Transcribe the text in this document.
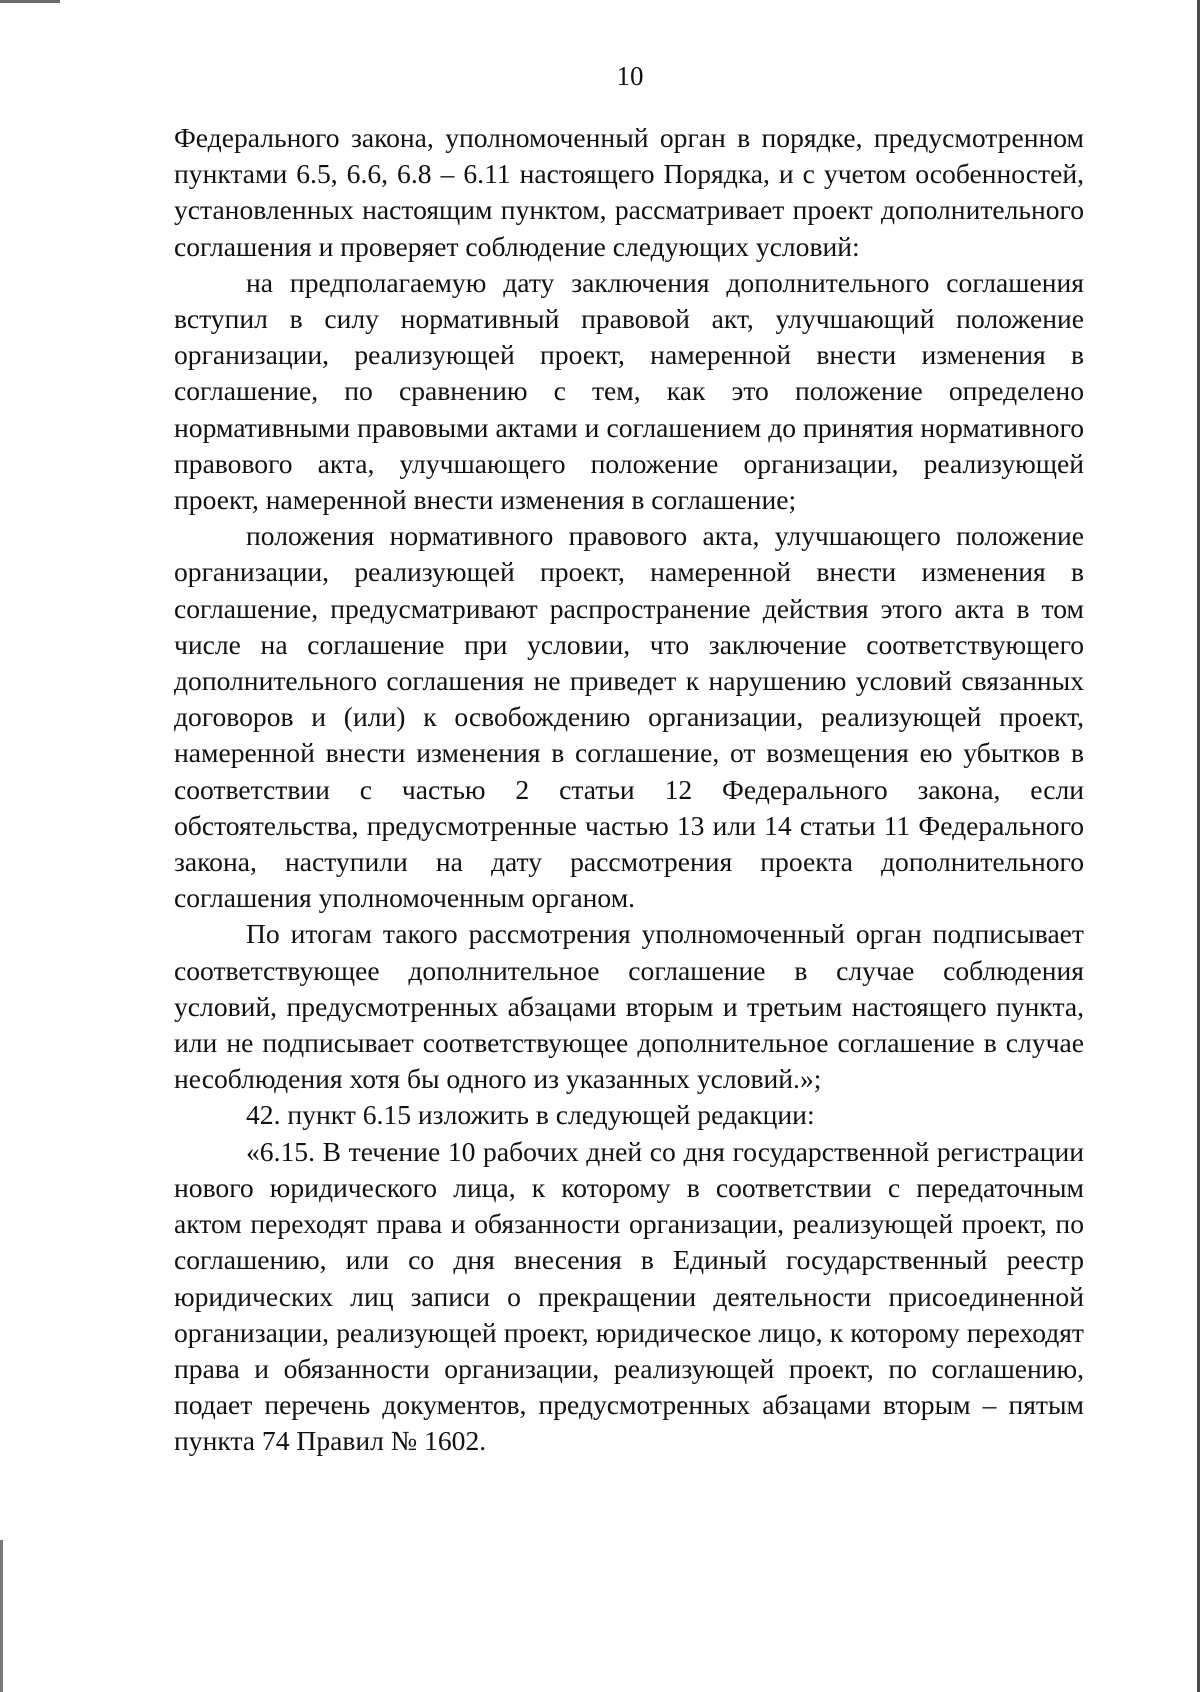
10

Федерального закона, уполномоченный орган в порядке, предусмотренном пунктами 6.5, 6.6, 6.8 – 6.11 настоящего Порядка, и с учетом особенностей, установленных настоящим пунктом, рассматривает проект дополнительного соглашения и проверяет соблюдение следующих условий:

на предполагаемую дату заключения дополнительного соглашения вступил в силу нормативный правовой акт, улучшающий положение организации, реализующей проект, намеренной внести изменения в соглашение, по сравнению с тем, как это положение определено нормативными правовыми актами и соглашением до принятия нормативного правового акта, улучшающего положение организации, реализующей проект, намеренной внести изменения в соглашение;

положения нормативного правового акта, улучшающего положение организации, реализующей проект, намеренной внести изменения в соглашение, предусматривают распространение действия этого акта в том числе на соглашение при условии, что заключение соответствующего дополнительного соглашения не приведет к нарушению условий связанных договоров и (или) к освобождению организации, реализующей проект, намеренной внести изменения в соглашение, от возмещения ею убытков в соответствии с частью 2 статьи 12 Федерального закона, если обстоятельства, предусмотренные частью 13 или 14 статьи 11 Федерального закона, наступили на дату рассмотрения проекта дополнительного соглашения уполномоченным органом.

По итогам такого рассмотрения уполномоченный орган подписывает соответствующее дополнительное соглашение в случае соблюдения условий, предусмотренных абзацами вторым и третьим настоящего пункта, или не подписывает соответствующее дополнительное соглашение в случае несоблюдения хотя бы одного из указанных условий.»;

42. пункт 6.15 изложить в следующей редакции:

«6.15. В течение 10 рабочих дней со дня государственной регистрации нового юридического лица, к которому в соответствии с передаточным актом переходят права и обязанности организации, реализующей проект, по соглашению, или со дня внесения в Единый государственный реестр юридических лиц записи о прекращении деятельности присоединенной организации, реализующей проект, юридическое лицо, к которому переходят права и обязанности организации, реализующей проект, по соглашению, подает перечень документов, предусмотренных абзацами вторым – пятым пункта 74 Правил № 1602.
